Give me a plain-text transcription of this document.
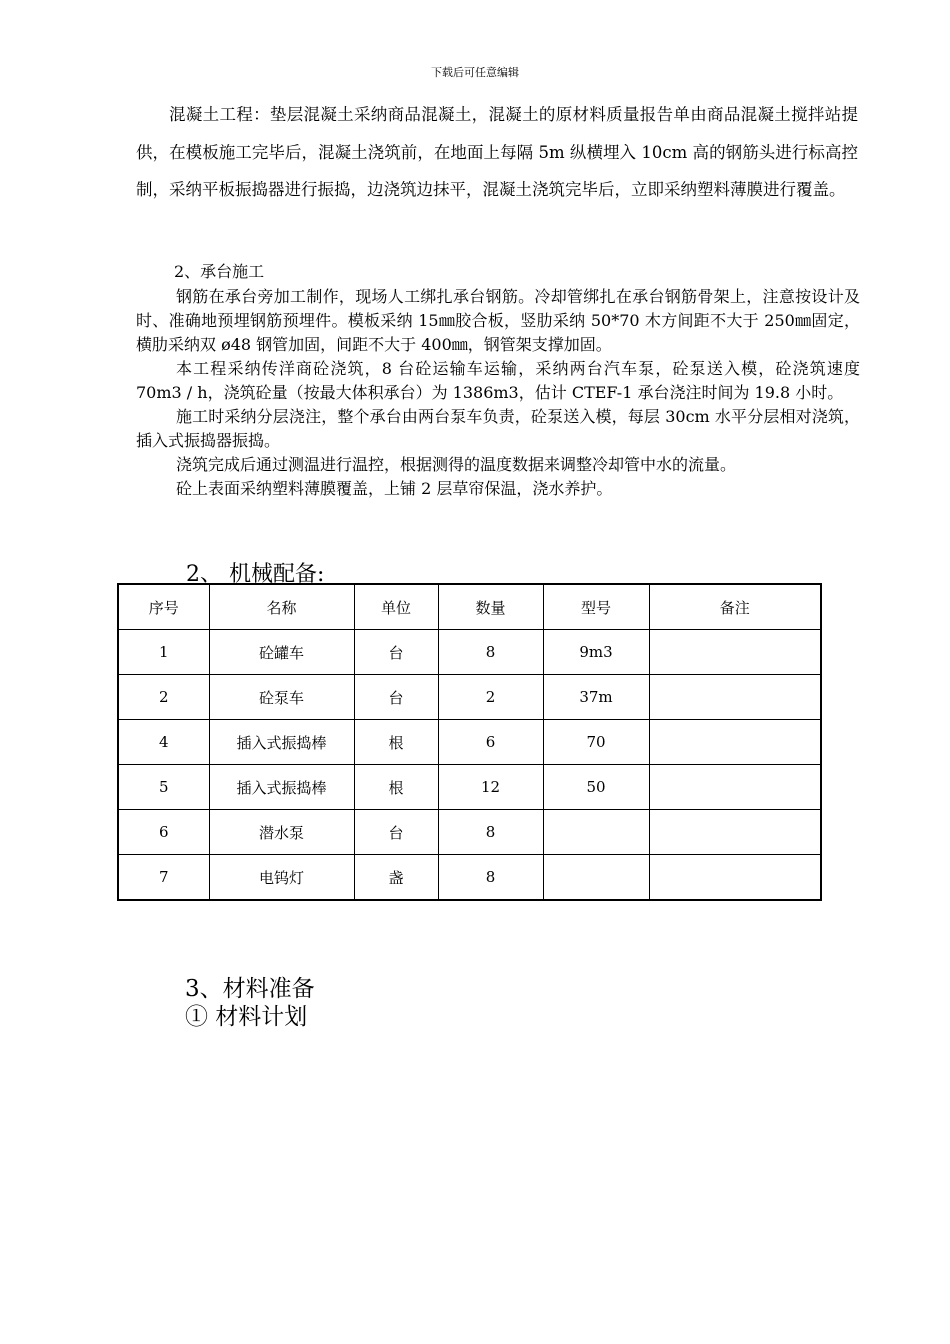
下载后可任意编辑
混凝土工程：垫层混凝土采纳商品混凝土，混凝土的原材料质量报告单由商品混凝土搅拌站提供，在模板施工完毕后，混凝土浇筑前，在地面上每隔 5m 纵横埋入 10cm 高的钢筋头进行标高控制，采纳平板振捣器进行振捣，边浇筑边抹平，混凝土浇筑完毕后，立即采纳塑料薄膜进行覆盖。
2、承台施工

钢筋在承台旁加工制作，现场人工绑扎承台钢筋。冷却管绑扎在承台钢筋骨架上，注意按设计及时、准确地预埋钢筋预埋件。模板采纳 15㎜胶合板，竖肋采纳 50*70 木方间距不大于 250㎜固定，横肋采纳双 ø48 钢管加固，间距不大于 400㎜，钢管架支撑加固。

本工程采纳传洋商砼浇筑，8 台砼运输车运输，采纳两台汽车泵，砼泵送入模，砼浇筑速度 70m3 / h，浇筑砼量（按最大体积承台）为 1386m3，估计 CTEF-1 承台浇注时间为 19.8 小时。

施工时采纳分层浇注，整个承台由两台泵车负责，砼泵送入模，每层 30cm 水平分层相对浇筑，插入式振捣器振捣。

浇筑完成后通过测温进行温控，根据测得的温度数据来调整冷却管中水的流量。

砼上表面采纳塑料薄膜覆盖，上铺 2 层草帘保温，浇水养护。

2、 机械配备:
序号	名称	单位	数量	型号	备注
1	砼罐车	台	8	9m3	
2	砼泵车	台	2	37m	
4	插入式振捣棒	根	6	70	
5	插入式振捣棒	根	12	50	
6	潜水泵	台	8		
7	电钨灯	盏	8		
3、材料准备
① 材料计划
